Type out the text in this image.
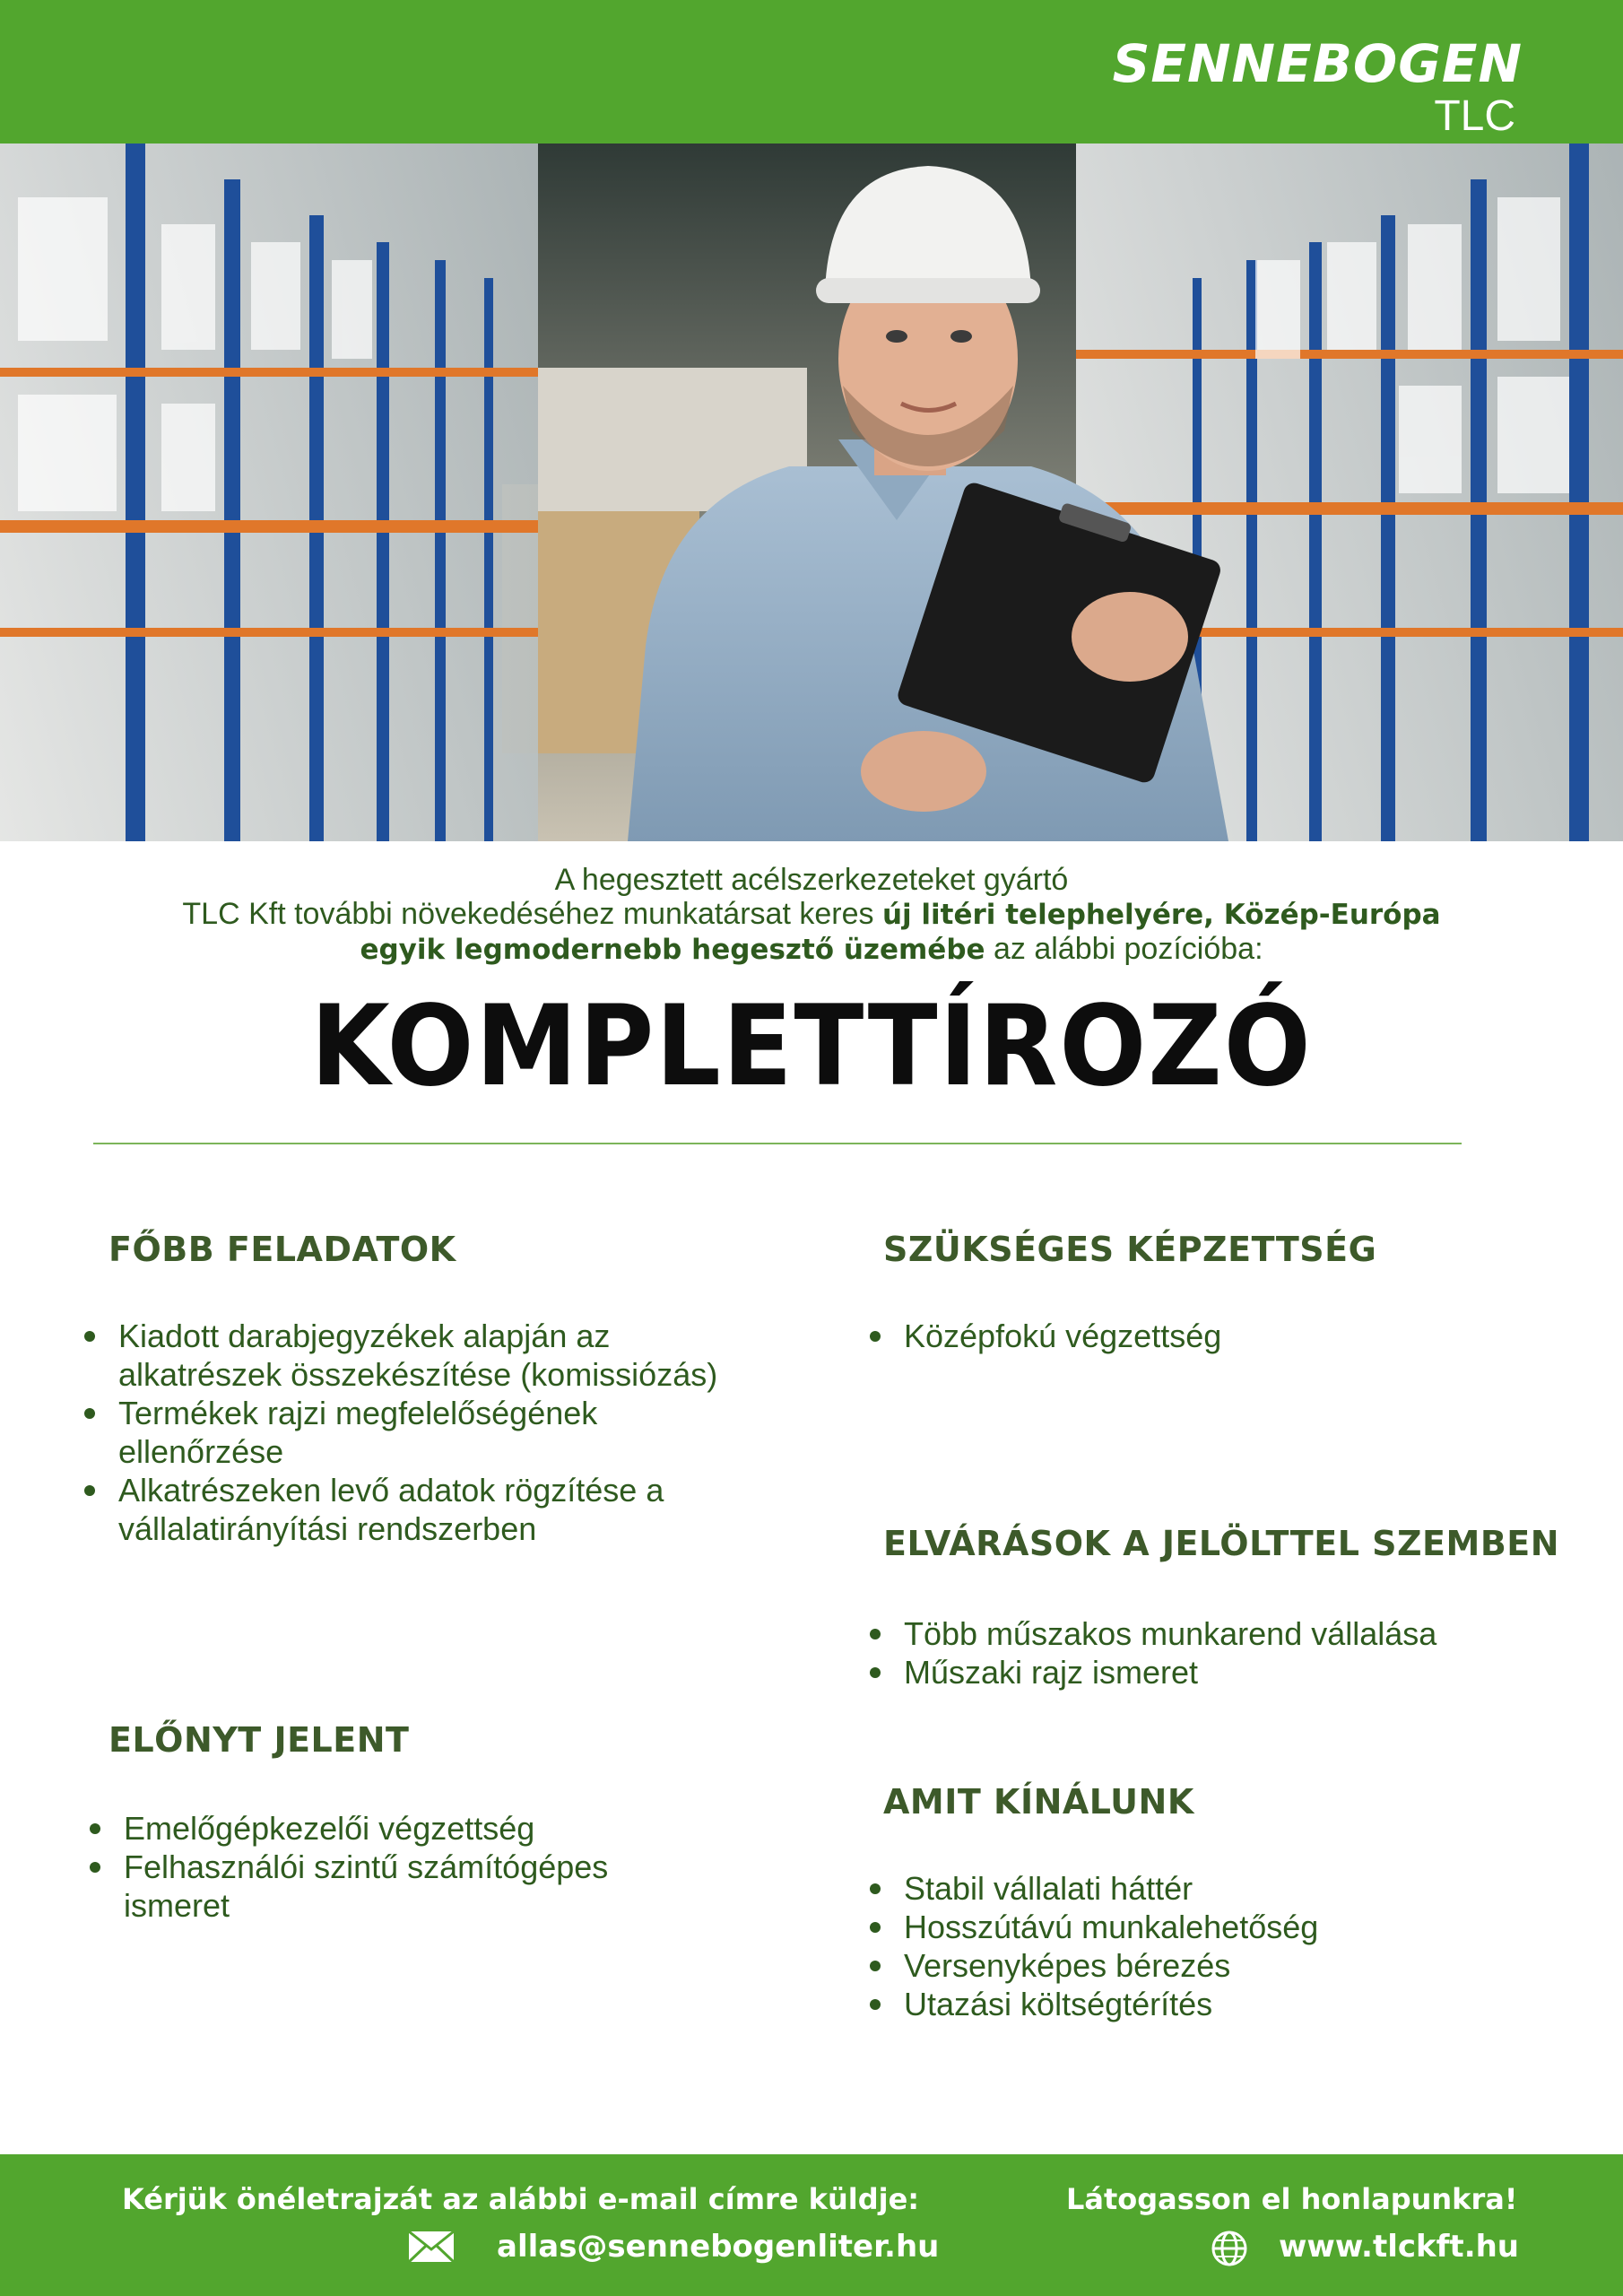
SENNEBOGEN
TLC
A hegesztett acélszerkezeteket gyártó
TLC Kft további növekedéséhez munkatársat keres új litéri telephelyére, Közép-Európa
egyik legmodernebb hegesztő üzemébe az alábbi pozícióba:
KOMPLETTÍROZÓ
FŐBB FELADATOK
Kiadott darabjegyzékek alapján az
alkatrészek összekészítése (komissiózás)
Termékek rajzi megfelelőségének
ellenőrzése
Alkatrészeken levő adatok rögzítése a
vállalatirányítási rendszerben
ELŐNYT JELENT
Emelőgépkezelői végzettség
Felhasználói szintű számítógépes
ismeret
SZÜKSÉGES KÉPZETTSÉG
Középfokú végzettség
ELVÁRÁSOK A JELÖLTTEL SZEMBEN
Több műszakos munkarend vállalása
Műszaki rajz ismeret
AMIT KÍNÁLUNK
Stabil vállalati háttér
Hosszútávú munkalehetőség
Versenyképes bérezés
Utazási költségtérítés
Kérjük önéletrajzát az alábbi e-mail címre küldje:
allas@sennebogenliter.hu
Látogasson el honlapunkra!
www.tlckft.hu
